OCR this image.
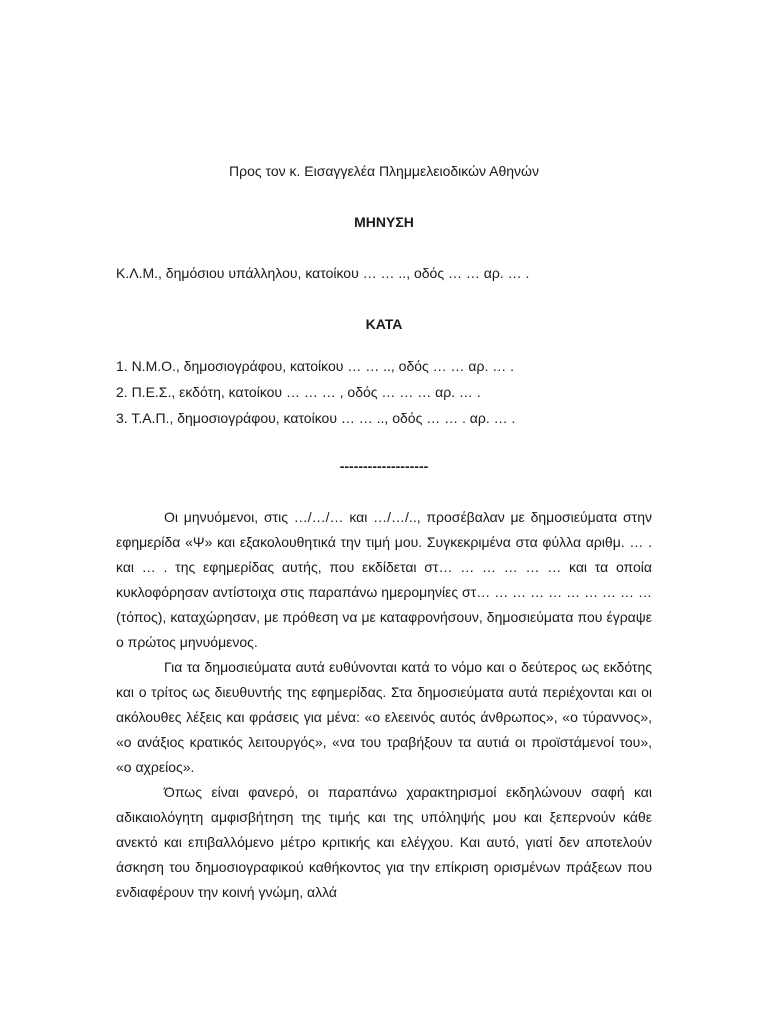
Προς τον κ. Εισαγγελέα Πλημμελειοδικών Αθηνών
ΜΗΝΥΣΗ
Κ.Λ.Μ., δημόσιου υπάλληλου, κατοίκου … … .., οδός … … αρ. … .
ΚΑΤΑ
1. Ν.Μ.Ο., δημοσιογράφου, κατοίκου … … .., οδός … … αρ. … .
2. Π.Ε.Σ., εκδότη, κατοίκου … … … , οδός … … … αρ. … .
3. Τ.Α.Π., δημοσιογράφου, κατοίκου … … .., οδός … … . αρ. … .
-------------------

Οι μηνυόμενοι, στις …/…/… και …/…/.., προσέβαλαν με δημοσιεύματα στην εφημερίδα «Ψ» και εξακολουθητικά την τιμή μου. Συγκεκριμένα στα φύλλα αριθμ. … . και … . της εφημερίδας αυτής, που εκδίδεται στ… … … … … … και τα οποία κυκλοφόρησαν αντίστοιχα στις παραπάνω ημερομηνίες στ… … … … … … … … … … (τόπος), καταχώρησαν, με πρόθεση να με καταφρονήσουν, δημοσιεύματα που έγραψε ο πρώτος μηνυόμενος.

Για τα δημοσιεύματα αυτά ευθύνονται κατά το νόμο και ο δεύτερος ως εκδότης και ο τρίτος ως διευθυντής της εφημερίδας. Στα δημοσιεύματα αυτά περιέχονται και οι ακόλουθες λέξεις και φράσεις για μένα: «ο ελεεινός αυτός άνθρωπος», «ο τύραννος», «ο ανάξιος κρατικός λειτουργός», «να του τραβήξουν τα αυτιά οι προϊστάμενοί του», «ο αχρείος».

Όπως είναι φανερό, οι παραπάνω χαρακτηρισμοί εκδηλώνουν σαφή και αδικαιολόγητη αμφισβήτηση της τιμής και της υπόληψής μου και ξεπερνούν κάθε ανεκτό και επιβαλλόμενο μέτρο κριτικής και ελέγχου. Και αυτό, γιατί δεν αποτελούν άσκηση του δημοσιογραφικού καθήκοντος για την επίκριση ορισμένων πράξεων που ενδιαφέρουν την κοινή γνώμη, αλλά
